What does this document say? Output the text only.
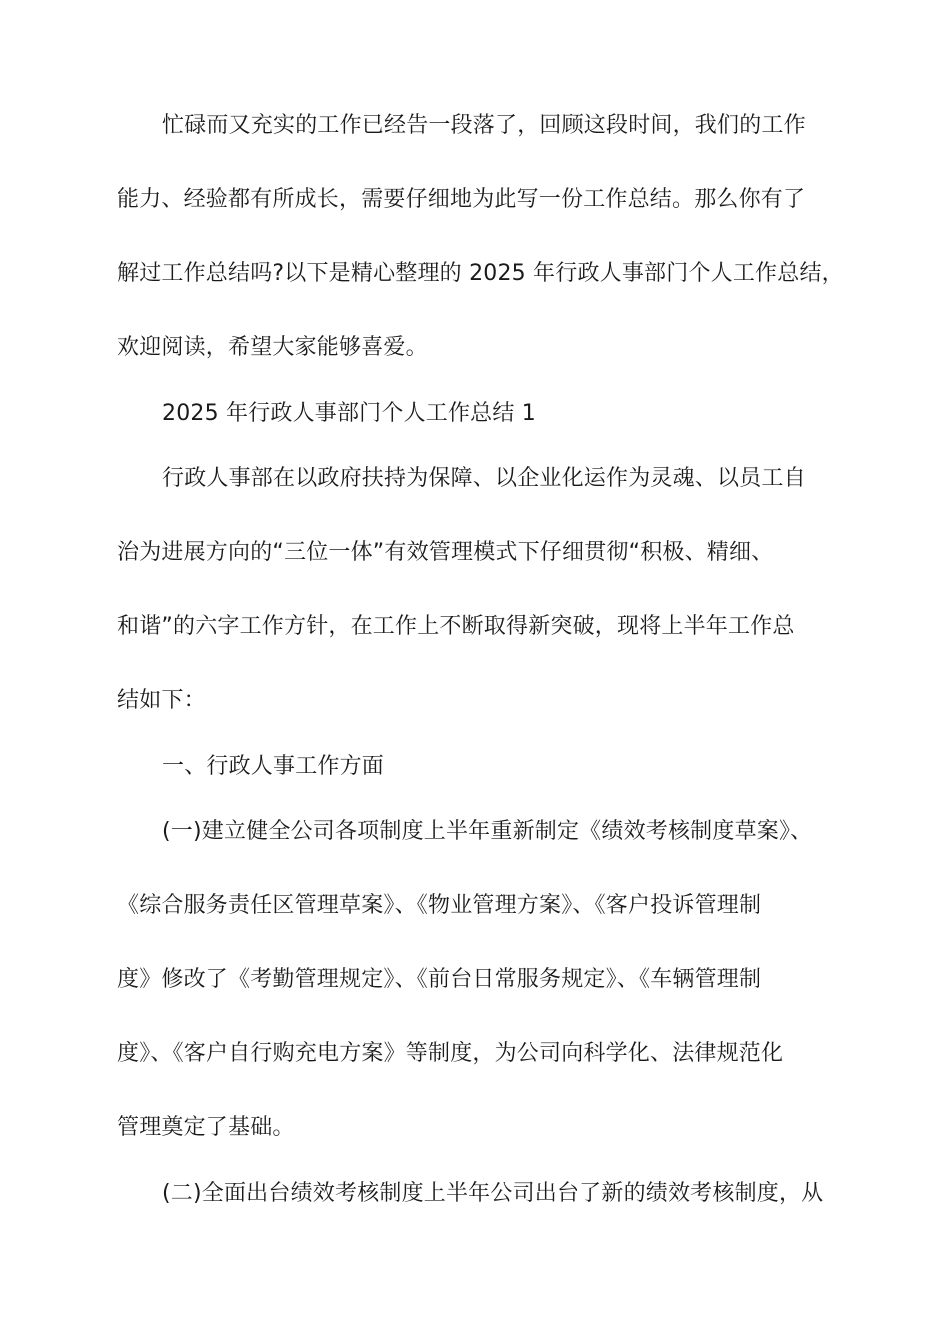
忙碌而又充实的工作已经告一段落了，回顾这段时间，我们的工作
能力、经验都有所成长，需要仔细地为此写一份工作总结。那么你有了
解过工作总结吗?以下是精心整理的 2025 年行政人事部门个人工作总结，
欢迎阅读，希望大家能够喜爱。
2025 年行政人事部门个人工作总结 1
行政人事部在以政府扶持为保障、以企业化运作为灵魂、以员工自
治为进展方向的“三位一体”有效管理模式下仔细贯彻“积极、精细、
和谐”的六字工作方针，在工作上不断取得新突破，现将上半年工作总
结如下：
一、行政人事工作方面
(一)建立健全公司各项制度上半年重新制定《绩效考核制度草案》、
《综合服务责任区管理草案》、《物业管理方案》、《客户投诉管理制
度》修改了《考勤管理规定》、《前台日常服务规定》、《车辆管理制
度》、《客户自行购充电方案》等制度，为公司向科学化、法律规范化
管理奠定了基础。
(二)全面出台绩效考核制度上半年公司出台了新的绩效考核制度，从
